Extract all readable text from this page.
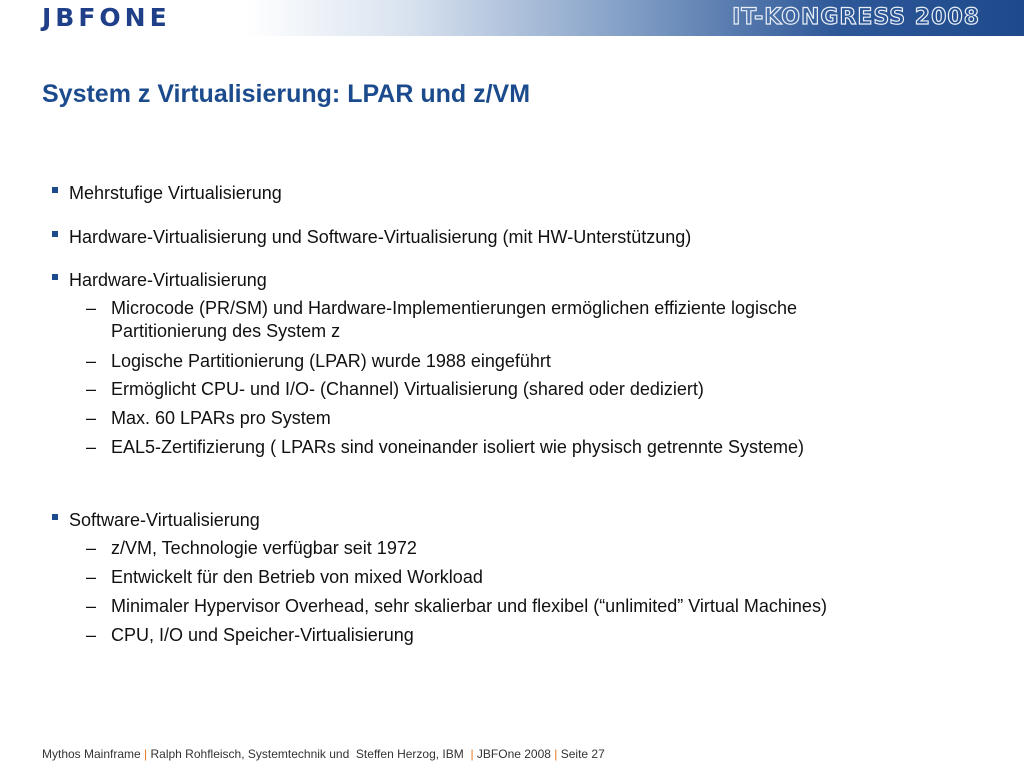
JBFONE	IT-KONGRESS 2008
System z Virtualisierung: LPAR und z/VM
Mehrstufige Virtualisierung
Hardware-Virtualisierung und Software-Virtualisierung (mit HW-Unterstützung)
Hardware-Virtualisierung
– Microcode (PR/SM) und Hardware-Implementierungen ermöglichen effiziente logische Partitionierung des System z
– Logische Partitionierung (LPAR) wurde 1988 eingeführt
– Ermöglicht CPU- und I/O- (Channel) Virtualisierung (shared oder dediziert)
– Max. 60 LPARs pro System
– EAL5-Zertifizierung ( LPARs sind voneinander isoliert wie physisch getrennte Systeme)
Software-Virtualisierung
– z/VM, Technologie verfügbar seit 1972
– Entwickelt für den Betrieb von mixed Workload
– Minimaler Hypervisor Overhead, sehr skalierbar und flexibel (“unlimited” Virtual Machines)
– CPU, I/O und Speicher-Virtualisierung
Mythos Mainframe | Ralph Rohfleisch, Systemtechnik und  Steffen Herzog, IBM  | JBFOne 2008 | Seite 27
